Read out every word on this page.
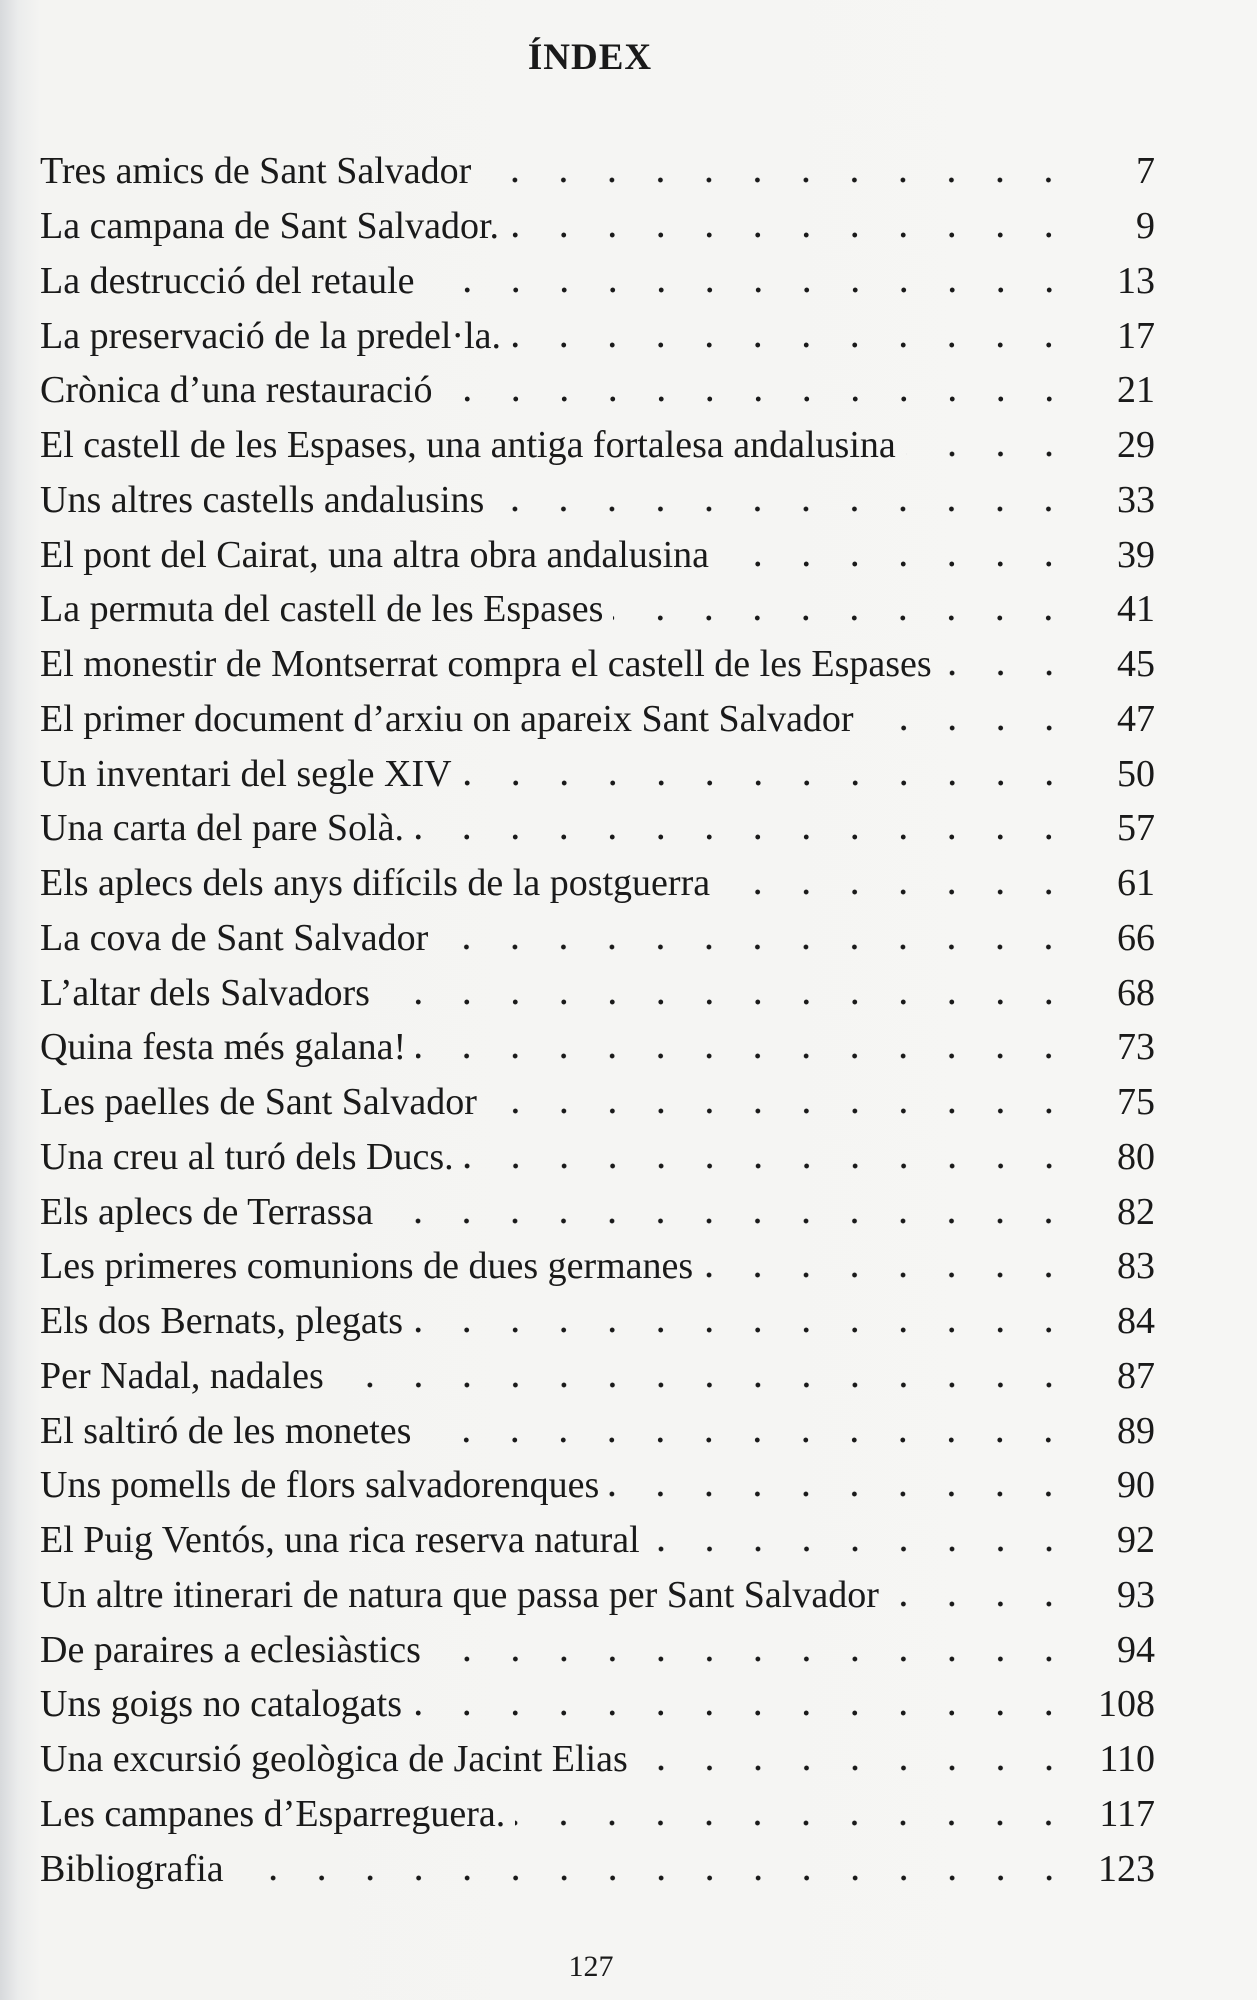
ÍNDEX
Tres amics de Sant Salvador	7
La campana de Sant Salvador.	9
La destrucció del retaule	13
La preservació de la predel·la.	17
Crònica d’una restauració	21
El castell de les Espases, una antiga fortalesa andalusina	29
Uns altres castells andalusins	33
El pont del Cairat, una altra obra andalusina	39
La permuta del castell de les Espases	41
El monestir de Montserrat compra el castell de les Espases	45
El primer document d’arxiu on apareix Sant Salvador	47
Un inventari del segle XIV	50
Una carta del pare Solà.	57
Els aplecs dels anys difícils de la postguerra	61
La cova de Sant Salvador	66
L’altar dels Salvadors	68
Quina festa més galana!	73
Les paelles de Sant Salvador	75
Una creu al turó dels Ducs.	80
Els aplecs de Terrassa	82
Les primeres comunions de dues germanes	83
Els dos Bernats, plegats	84
Per Nadal, nadales	87
El saltiró de les monetes	89
Uns pomells de flors salvadorenques	90
El Puig Ventós, una rica reserva natural	92
Un altre itinerari de natura que passa per Sant Salvador	93
De paraires a eclesiàstics	94
Uns goigs no catalogats	108
Una excursió geològica de Jacint Elias	110
Les campanes d’Esparreguera.	117
Bibliografia	123
127
